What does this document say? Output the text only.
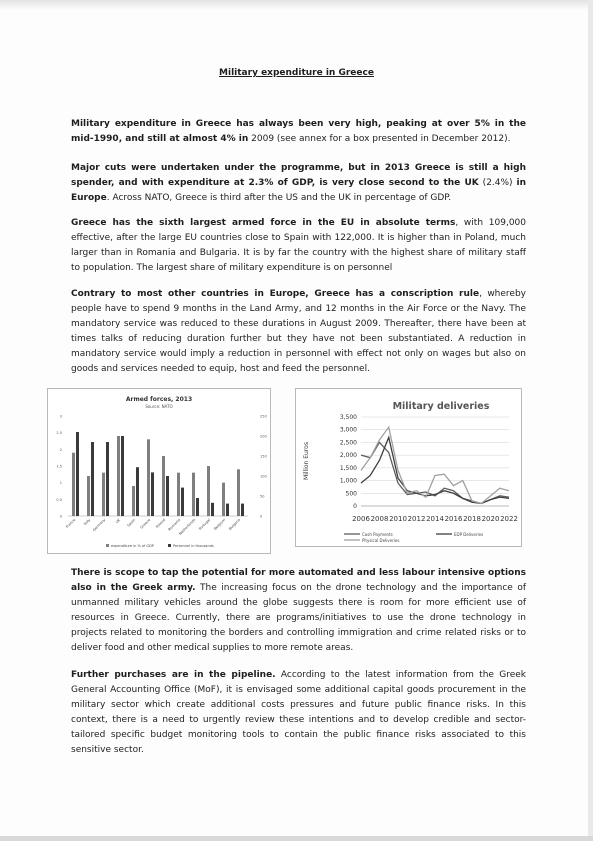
Military expenditure in Greece

Military expenditure in Greece has always been very high, peaking at over 5% in the mid-1990, and still at almost 4% in 2009 (see annex for a box presented in December 2012).

Major cuts were undertaken under the programme, but in 2013 Greece is still a high spender, and with expenditure at 2.3% of GDP, is very close second to the UK (2.4%) in Europe. Across NATO, Greece is third after the US and the UK in percentage of GDP.

Greece has the sixth largest armed force in the EU in absolute terms, with 109,000 effective, after the large EU countries close to Spain with 122,000. It is higher than in Poland, much larger than in Romania and Bulgaria. It is by far the country with the highest share of military staff to population. The largest share of military expenditure is on personnel

Contrary to most other countries in Europe, Greece has a conscription rule, whereby people have to spend 9 months in the Land Army, and 12 months in the Air Force or the Navy. The mandatory service was reduced to these durations in August 2009. Thereafter, there have been at times talks of reducing duration further but they have not been substantiated. A reduction in mandatory service would imply a reduction in personnel with effect not only on wages but also on goods and services needed to equip, host and feed the personnel.

Armed forces, 2013
Source: NATO
0
0.5
1
1.5
2
2.5
3
0
50
100
150
200
250
France Italy Germany UK Spain Greece Poland Romania
Netherlands Portugal Belgium Bulgaria
expenditure in % of GDP	Personnel in thousands
Military deliveries
Million Euros
0
500
1,000
1,500
2,000
2,500
3,000
3,500
2006 2008 2010 2012 2014 2016 2018 2020 2022
Cash Payments	EDP Deliveries
Physical Deliveries

There is scope to tap the potential for more automated and less labour intensive options also in the Greek army. The increasing focus on the drone technology and the importance of unmanned military vehicles around the globe suggests there is room for more efficient use of resources in Greece. Currently, there are programs/initiatives to use the drone technology in projects related to monitoring the borders and controlling immigration and crime related risks or to deliver food and other medical supplies to more remote areas.

Further purchases are in the pipeline. According to the latest information from the Greek General Accounting Office (MoF), it is envisaged some additional capital goods procurement in the military sector which create additional costs pressures and future public finance risks. In this context, there is a need to urgently review these intentions and to develop credible and sector-tailored specific budget monitoring tools to contain the public finance risks associated to this sensitive sector.
